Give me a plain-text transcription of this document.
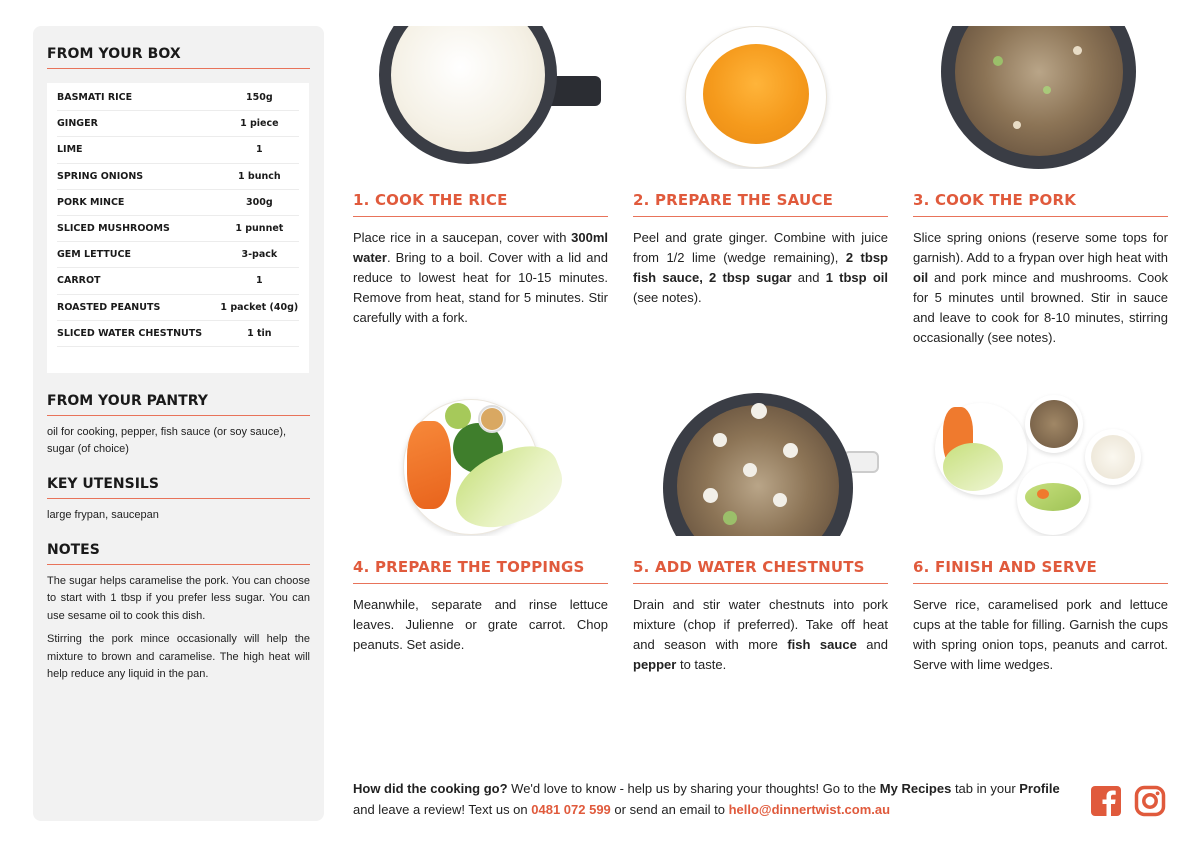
FROM YOUR BOX
BASMATI RICE	150g
GINGER	1 piece
LIME	1
SPRING ONIONS	1 bunch
PORK MINCE	300g
SLICED MUSHROOMS	1 punnet
GEM LETTUCE	3-pack
CARROT	1
ROASTED PEANUTS	1 packet (40g)
SLICED WATER CHESTNUTS	1 tin
FROM YOUR PANTRY
oil for cooking, pepper, fish sauce (or soy sauce), sugar (of choice)
KEY UTENSILS
large frypan, saucepan
NOTES
The sugar helps caramelise the pork. You can choose to start with 1 tbsp if you prefer less sugar. You can use sesame oil to cook this dish.
Stirring the pork mince occasionally will help the mixture to brown and caramelise. The high heat will help reduce any liquid in the pan.
1. COOK THE RICE
Place rice in a saucepan, cover with 300ml water. Bring to a boil. Cover with a lid and reduce to lowest heat for 10-15 minutes. Remove from heat, stand for 5 minutes. Stir carefully with a fork.
2. PREPARE THE SAUCE
Peel and grate ginger. Combine with juice from 1/2 lime (wedge remaining), 2 tbsp fish sauce, 2 tbsp sugar and 1 tbsp oil (see notes).
3. COOK THE PORK
Slice spring onions (reserve some tops for garnish). Add to a frypan over high heat with oil and pork mince and mushrooms. Cook for 5 minutes until browned. Stir in sauce and leave to cook for 8-10 minutes, stirring occasionally (see notes).
4. PREPARE THE TOPPINGS
Meanwhile, separate and rinse lettuce leaves. Julienne or grate carrot. Chop peanuts. Set aside.
5. ADD WATER CHESTNUTS
Drain and stir water chestnuts into pork mixture (chop if preferred). Take off heat and season with more fish sauce and pepper to taste.
6. FINISH AND SERVE
Serve rice, caramelised pork and lettuce cups at the table for filling. Garnish the cups with spring onion tops, peanuts and carrot. Serve with lime wedges.
How did the cooking go? We'd love to know - help us by sharing your thoughts! Go to the My Recipes tab in your Profile and leave a review! Text us on 0481 072 599 or send an email to hello@dinnertwist.com.au
